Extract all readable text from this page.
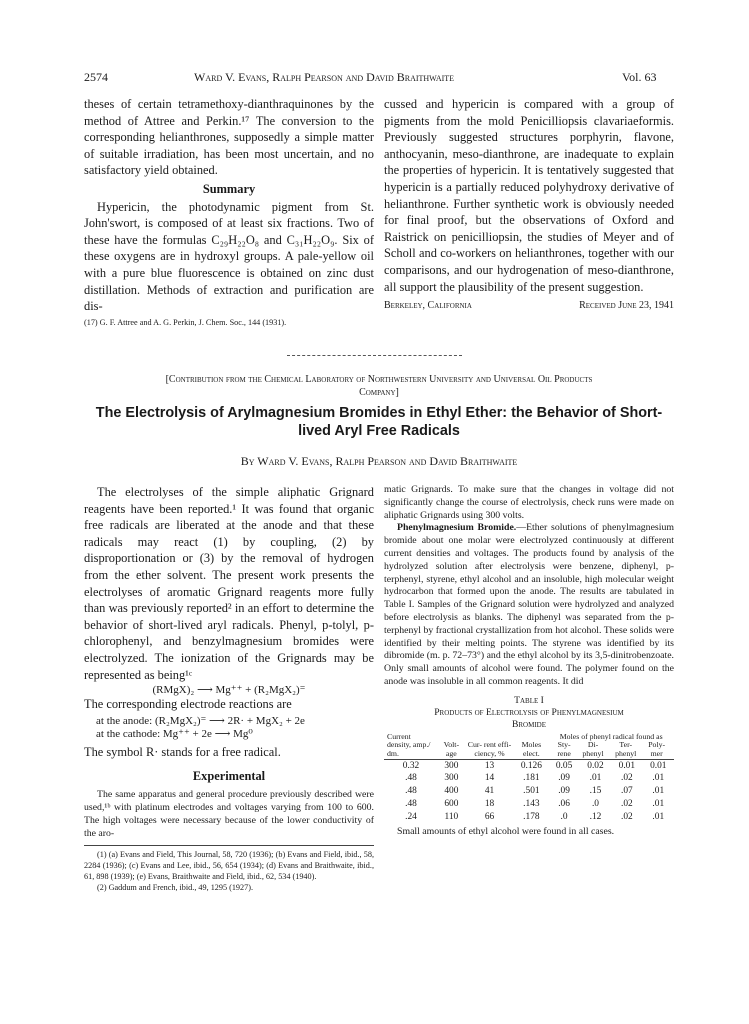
2574	Ward V. Evans, Ralph Pearson and David Braithwaite	Vol. 63

theses of certain tetramethoxy-dianthraquinones by the method of Attree and Perkin.¹⁷ The conversion to the corresponding helianthrones, supposedly a simple matter of suitable irradiation, has been most uncertain, and no satisfactory yield obtained.

Summary

Hypericin, the photodynamic pigment from St. John'swort, is composed of at least six fractions. Two of these have the formulas C₂₉H₂₂O₈ and C₃₁H₂₂O₉. Six of these oxygens are in hydroxyl groups. A pale-yellow oil with a pure blue fluorescence is obtained on zinc dust distillation. Methods of extraction and purification are dis-

(17) G. F. Attree and A. G. Perkin, J. Chem. Soc., 144 (1931).

cussed and hypericin is compared with a group of pigments from the mold Penicilliopsis clavariaeformis. Previously suggested structures porphyrin, flavone, anthocyanin, meso-dianthrone, are inadequate to explain the properties of hypericin. It is tentatively suggested that hypericin is a partially reduced polyhydroxy derivative of helianthrone. Further synthetic work is obviously needed for final proof, but the observations of Oxford and Raistrick on penicilliopsin, the studies of Meyer and of Scholl and co-workers on helianthrones, together with our comparisons, and our hydrogenation of meso-dianthrone, all support the plausibility of the present suggestion.

Berkeley, California	Received June 23, 1941
[Contribution from the Chemical Laboratory of Northwestern University and Universal Oil Products
Company]
The Electrolysis of Arylmagnesium Bromides in Ethyl Ether: the Behavior of Short-
lived Aryl Free Radicals
By Ward V. Evans, Ralph Pearson and David Braithwaite

The electrolyses of the simple aliphatic Grignard reagents have been reported.¹ It was found that organic free radicals are liberated at the anode and that these radicals may react (1) by coupling, (2) by disproportionation or (3) by the removal of hydrogen from the ether solvent. The present work presents the electrolyses of aromatic Grignard reagents more fully than was previously reported² in an effort to determine the behavior of short-lived aryl radicals. Phenyl, p-tolyl, p-chlorophenyl, and benzylmagnesium bromides were electrolyzed. The ionization of the Grignards may be represented as being¹ᶜ

(RMgX)₂ ⟶ Mg⁺⁺ + (R₂MgX₂)⁼

The corresponding electrode reactions are

at the anode: (R₂MgX₂)⁼ ⟶ 2R· + MgX₂ + 2e

at the cathode: Mg⁺⁺ + 2e ⟶ Mg⁰

The symbol R· stands for a free radical.

Experimental

The same apparatus and general procedure previously described were used,¹ᵇ with platinum electrodes and voltages varying from 100 to 600. The high voltages were necessary because of the lower conductivity of the aro-

(1) (a) Evans and Field, This Journal, 58, 720 (1936); (b) Evans and Field, ibid., 58, 2284 (1936); (c) Evans and Lee, ibid., 56, 654 (1934); (d) Evans and Braithwaite, ibid., 61, 898 (1939); (e) Evans, Braithwaite and Field, ibid., 62, 534 (1940).

(2) Gaddum and French, ibid., 49, 1295 (1927).

matic Grignards. To make sure that the changes in voltage did not significantly change the course of electrolysis, check runs were made on aliphatic Grignards using 300 volts.

Phenylmagnesium Bromide.—Ether solutions of phenylmagnesium bromide about one molar were electrolyzed continuously at different current densities and voltages. The products found by analysis of the hydrolyzed solution after electrolysis were benzene, diphenyl, p-terphenyl, styrene, ethyl alcohol and an insoluble, high molecular weight hydrocarbon that formed upon the anode. The results are tabulated in Table I. Samples of the Grignard solution were hydrolyzed and analyzed before electrolysis as blanks. The diphenyl was separated from the p-terphenyl by fractional crystallization from hot alcohol. These solids were identified by their melting points. The styrene was identified by its dibromide (m. p. 72–73°) and the ethyl alcohol by its 3,5-dinitrobenzoate. Only small amounts of alcohol were found. The polymer found on the anode was insoluble in all common reagents. It did

Table I
Products of Electrolysis of Phenylmagnesium
Bromide
Current density, amp./ dm.	Volt- age	Cur- rent effi- ciency, %	Moles elect.	
Moles of phenyl radical found as
Sty- rene	Di- phenyl	Ter- phenyl	Poly- mer

0.32	300	13	0.126	0.05	0.02	0.01	0.01
.48	300	14	.181	.09	.01	.02	.01
.48	400	41	.501	.09	.15	.07	.01
.48	600	18	.143	.06	.0	.02	.01
.24	110	66	.178	.0	.12	.02	.01

Small amounts of ethyl alcohol were found in all cases.
